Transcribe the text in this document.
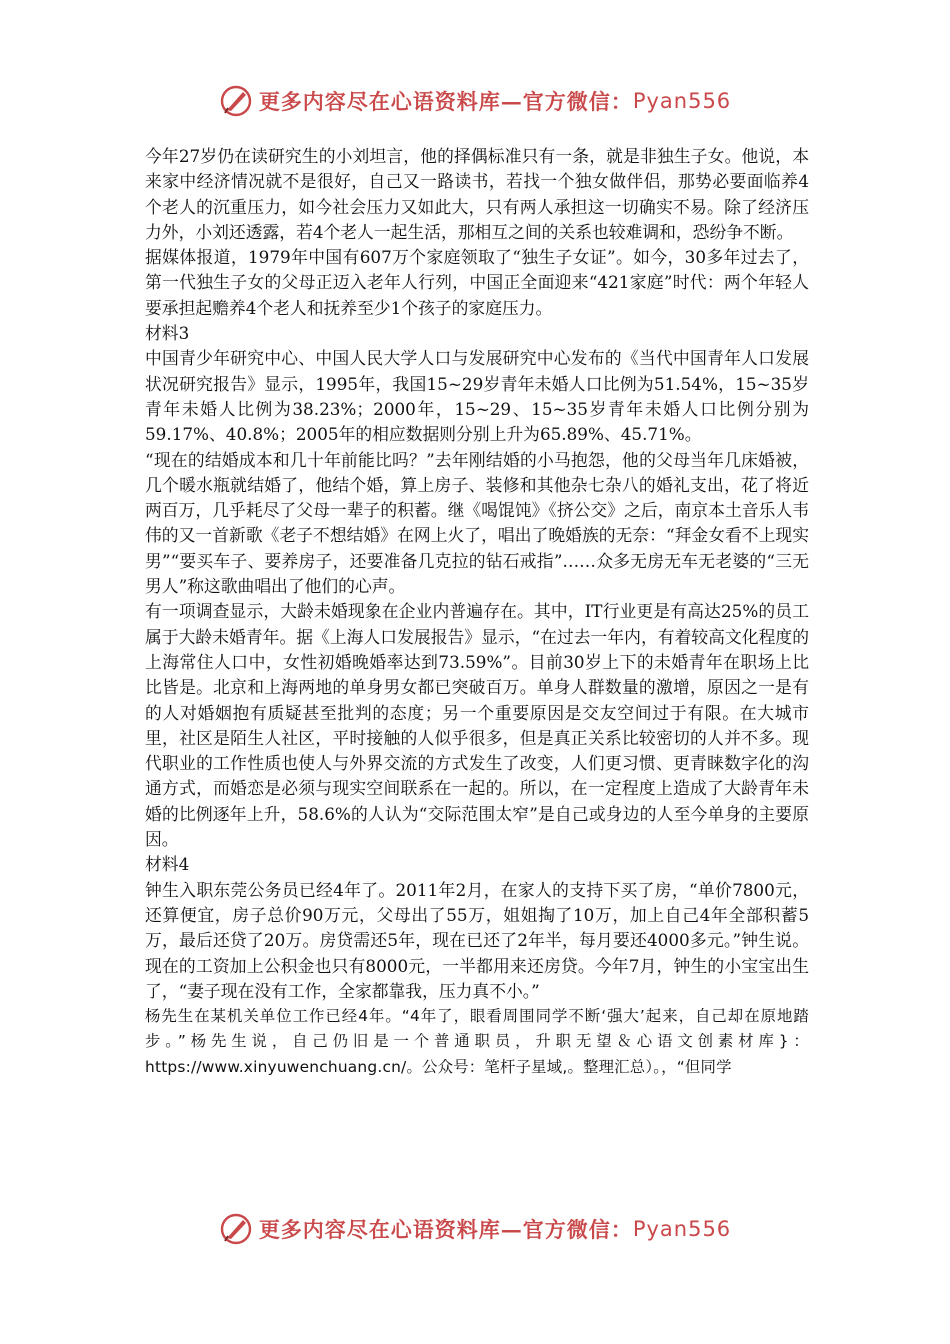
更多内容尽在心语资料库—官方微信： Pyan556

今年27岁仍在读研究生的小刘坦言，他的择偶标准只有一条，就是非独生子女。他说，本来家中经济情况就不是很好，自己又一路读书，若找一个独女做伴侣，那势必要面临养4个老人的沉重压力，如今社会压力又如此大，只有两人承担这一切确实不易。除了经济压力外，小刘还透露，若4个老人一起生活，那相互之间的关系也较难调和，恐纷争不断。

据媒体报道，1979年中国有607万个家庭领取了“独生子女证”。如今，30多年过去了，第一代独生子女的父母正迈入老年人行列，中国正全面迎来“421家庭”时代：两个年轻人要承担起赡养4个老人和抚养至少1个孩子的家庭压力。

材料3

中国青少年研究中心、中国人民大学人口与发展研究中心发布的《当代中国青年人口发展状况研究报告》显示，1995年，我国15~29岁青年未婚人口比例为51.54%，15~35岁青年未婚人比例为38.23%；2000年，15~29、15~35岁青年未婚人口比例分别为59.17%、40.8%；2005年的相应数据则分别上升为65.89%、45.71%。

“现在的结婚成本和几十年前能比吗？”去年刚结婚的小马抱怨，他的父母当年几床婚被，几个暖水瓶就结婚了，他结个婚，算上房子、装修和其他杂七杂八的婚礼支出，花了将近两百万，几乎耗尽了父母一辈子的积蓄。继《喝馄饨》《挤公交》之后，南京本土音乐人韦伟的又一首新歌《老子不想结婚》在网上火了，唱出了晚婚族的无奈：“拜金女看不上现实男”“要买车子、要养房子，还要准备几克拉的钻石戒指”……众多无房无车无老婆的“三无男人”称这歌曲唱出了他们的心声。

有一项调查显示，大龄未婚现象在企业内普遍存在。其中，IT行业更是有高达25%的员工属于大龄未婚青年。据《上海人口发展报告》显示，“在过去一年内，有着较高文化程度的上海常住人口中，女性初婚晚婚率达到73.59%”。目前30岁上下的未婚青年在职场上比比皆是。北京和上海两地的单身男女都已突破百万。单身人群数量的激增，原因之一是有的人对婚姻抱有质疑甚至批判的态度；另一个重要原因是交友空间过于有限。在大城市里，社区是陌生人社区，平时接触的人似乎很多，但是真正关系比较密切的人并不多。现代职业的工作性质也使人与外界交流的方式发生了改变，人们更习惯、更青睐数字化的沟通方式，而婚恋是必须与现实空间联系在一起的。所以，在一定程度上造成了大龄青年未婚的比例逐年上升，58.6%的人认为“交际范围太窄”是自己或身边的人至今单身的主要原因。

材料4

钟生入职东莞公务员已经4年了。2011年2月，在家人的支持下买了房，“单价7800元，还算便宜，房子总价90万元，父母出了55万，姐姐掏了10万，加上自己4年全部积蓄5万，最后还贷了20万。房贷需还5年，现在已还了2年半，每月要还4000多元。”钟生说。现在的工资加上公积金也只有8000元，一半都用来还房贷。今年7月，钟生的小宝宝出生了，“妻子现在没有工作，全家都靠我，压力真不小。”

杨先生在某机关单位工作已经4年。“4年了，眼看周围同学不断‘强大’起来，自己却在原地踏步。”杨先生说，自己仍旧是一个普通职员，升职无望＆心语文创素材库}：https://www.xinyuwenchuang.cn/。公众号：笔杆子星域,。整理汇总）。，“但同学

更多内容尽在心语资料库—官方微信： Pyan556
